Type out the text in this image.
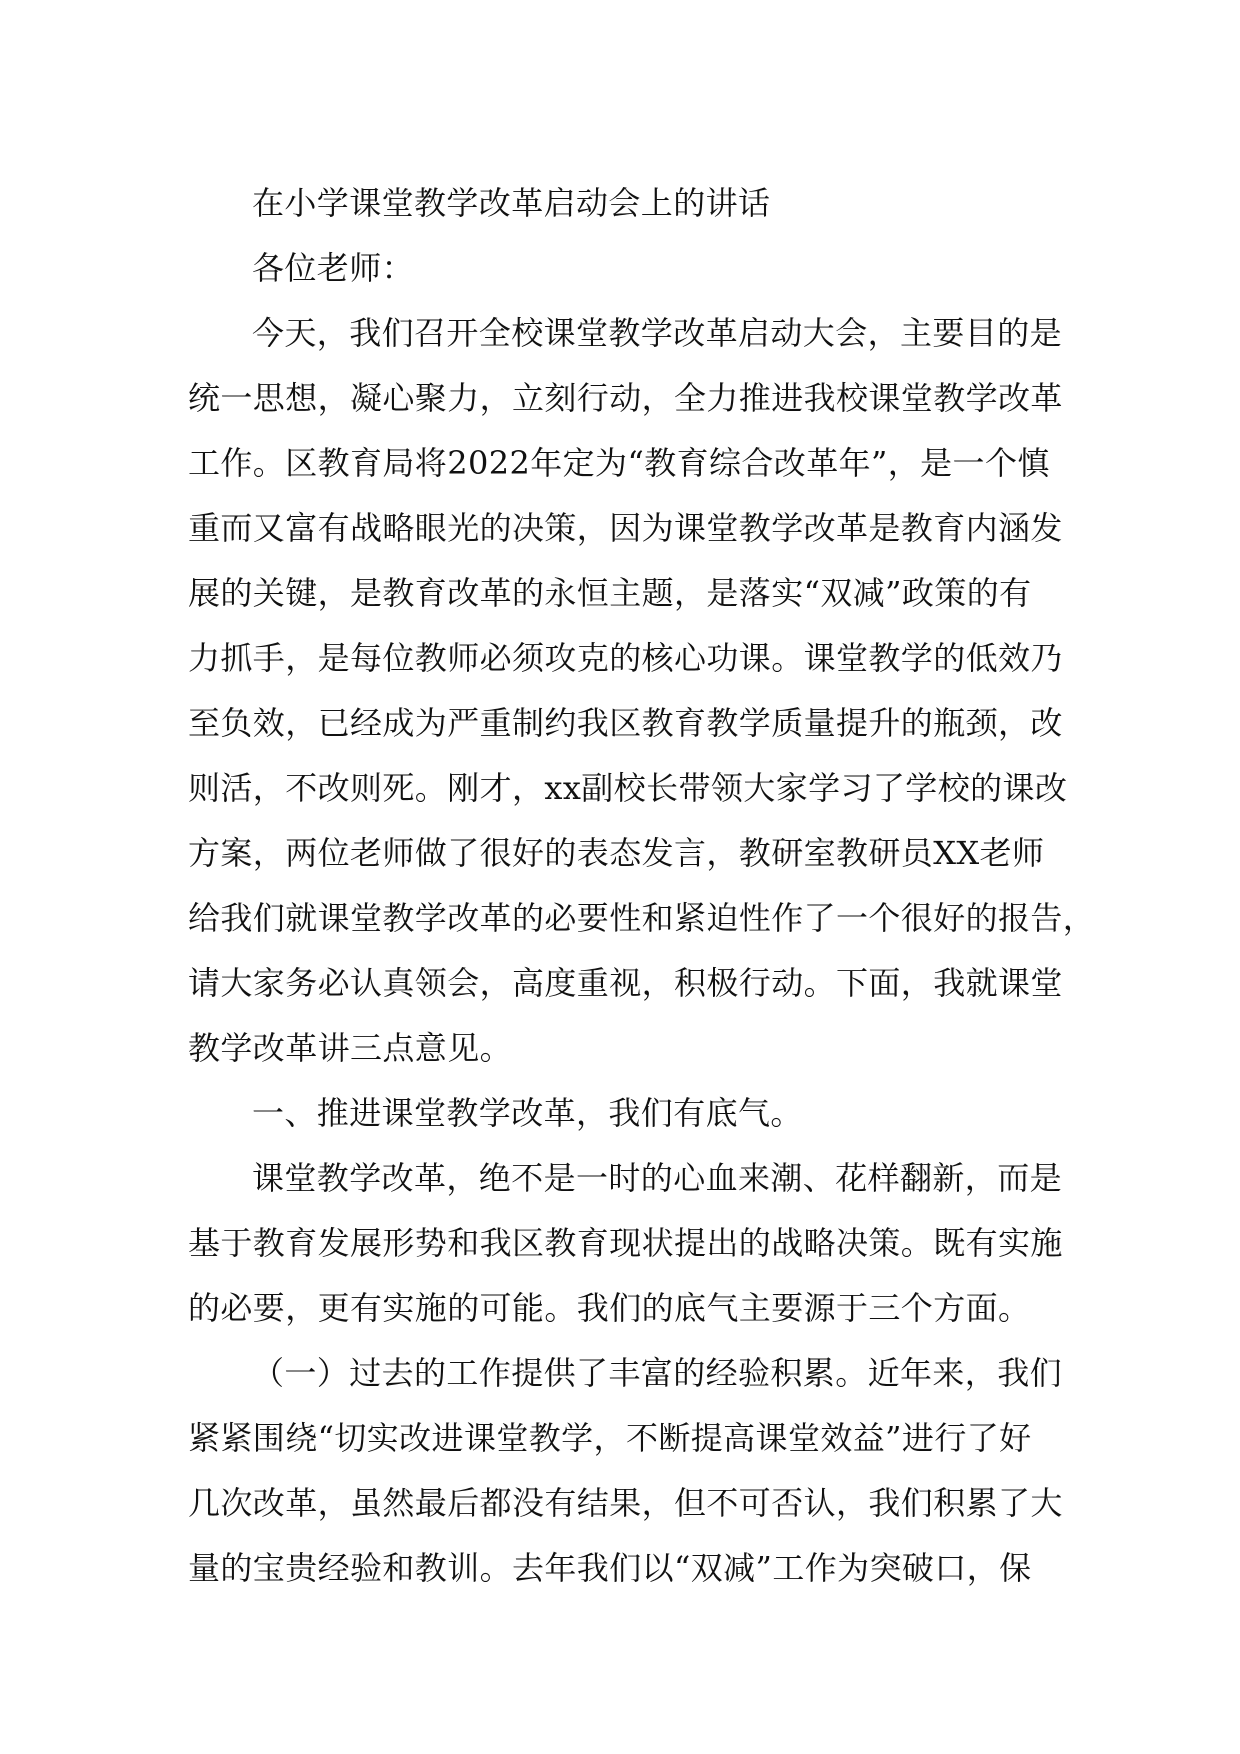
在小学课堂教学改革启动会上的讲话
各位老师：
今天，我们召开全校课堂教学改革启动大会，主要目的是
统一思想，凝心聚力，立刻行动，全力推进我校课堂教学改革
工作。区教育局将2022年定为“教育综合改革年”，是一个慎
重而又富有战略眼光的决策，因为课堂教学改革是教育内涵发
展的关键，是教育改革的永恒主题，是落实“双减”政策的有
力抓手，是每位教师必须攻克的核心功课。课堂教学的低效乃
至负效，已经成为严重制约我区教育教学质量提升的瓶颈，改
则活，不改则死。刚才，xx副校长带领大家学习了学校的课改
方案，两位老师做了很好的表态发言，教研室教研员XX老师
给我们就课堂教学改革的必要性和紧迫性作了一个很好的报告，
请大家务必认真领会，高度重视，积极行动。下面，我就课堂
教学改革讲三点意见。
一、推进课堂教学改革，我们有底气。
课堂教学改革，绝不是一时的心血来潮、花样翻新，而是
基于教育发展形势和我区教育现状提出的战略决策。既有实施
的必要，更有实施的可能。我们的底气主要源于三个方面。
（一）过去的工作提供了丰富的经验积累。近年来，我们
紧紧围绕“切实改进课堂教学，不断提高课堂效益”进行了好
几次改革，虽然最后都没有结果，但不可否认，我们积累了大
量的宝贵经验和教训。去年我们以“双减”工作为突破口，保
